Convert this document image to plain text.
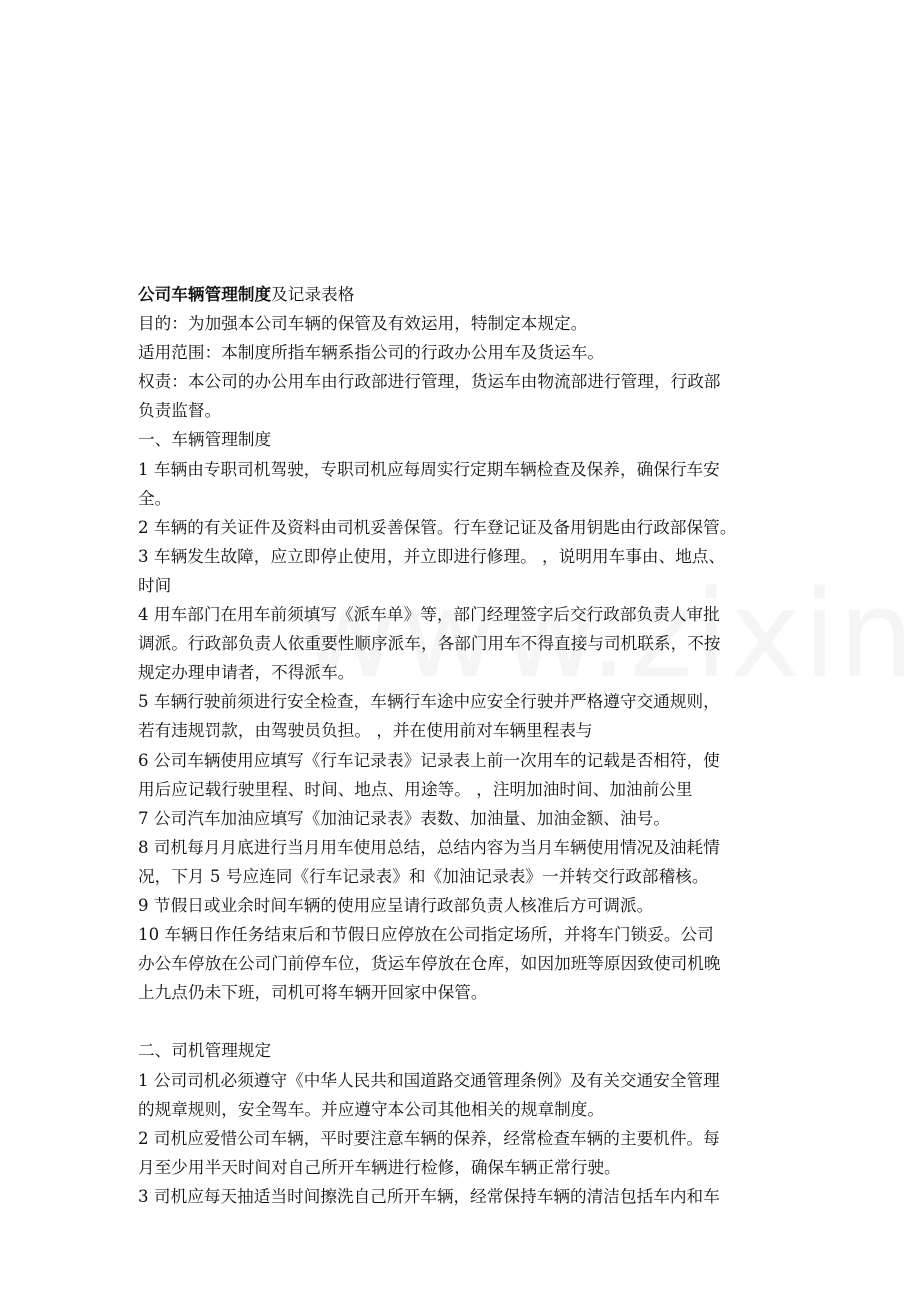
公司车辆管理制度及记录表格
目的：为加强本公司车辆的保管及有效运用，特制定本规定。
适用范围：本制度所指车辆系指公司的行政办公用车及货运车。
权责：本公司的办公用车由行政部进行管理，货运车由物流部进行管理，行政部
负责监督。
一、车辆管理制度
1 车辆由专职司机驾驶，专职司机应每周实行定期车辆检查及保养，确保行车安
全。
2 车辆的有关证件及资料由司机妥善保管。行车登记证及备用钥匙由行政部保管。
3 车辆发生故障，应立即停止使用，并立即进行修理。 ，说明用车事由、地点、
时间
4 用车部门在用车前须填写《派车单》等，部门经理签字后交行政部负责人审批
调派。行政部负责人依重要性顺序派车，各部门用车不得直接与司机联系，不按
规定办理申请者，不得派车。
5 车辆行驶前须进行安全检查，车辆行车途中应安全行驶并严格遵守交通规则，
若有违规罚款，由驾驶员负担。 ，并在使用前对车辆里程表与
6 公司车辆使用应填写《行车记录表》记录表上前一次用车的记载是否相符，使
用后应记载行驶里程、时间、地点、用途等。 ，注明加油时间、加油前公里
7 公司汽车加油应填写《加油记录表》表数、加油量、加油金额、油号。
8 司机每月月底进行当月用车使用总结，总结内容为当月车辆使用情况及油耗情
况，下月 5 号应连同《行车记录表》和《加油记录表》一并转交行政部稽核。
9 节假日或业余时间车辆的使用应呈请行政部负责人核准后方可调派。
10 车辆日作任务结束后和节假日应停放在公司指定场所，并将车门锁妥。公司
办公车停放在公司门前停车位，货运车停放在仓库，如因加班等原因致使司机晚
上九点仍未下班，司机可将车辆开回家中保管。
二、司机管理规定
1 公司司机必须遵守《中华人民共和国道路交通管理条例》及有关交通安全管理
的规章规则，安全驾车。并应遵守本公司其他相关的规章制度。
2 司机应爱惜公司车辆，平时要注意车辆的保养，经常检查车辆的主要机件。每
月至少用半天时间对自己所开车辆进行检修，确保车辆正常行驶。
3 司机应每天抽适当时间擦洗自己所开车辆，经常保持车辆的清洁包括车内和车
